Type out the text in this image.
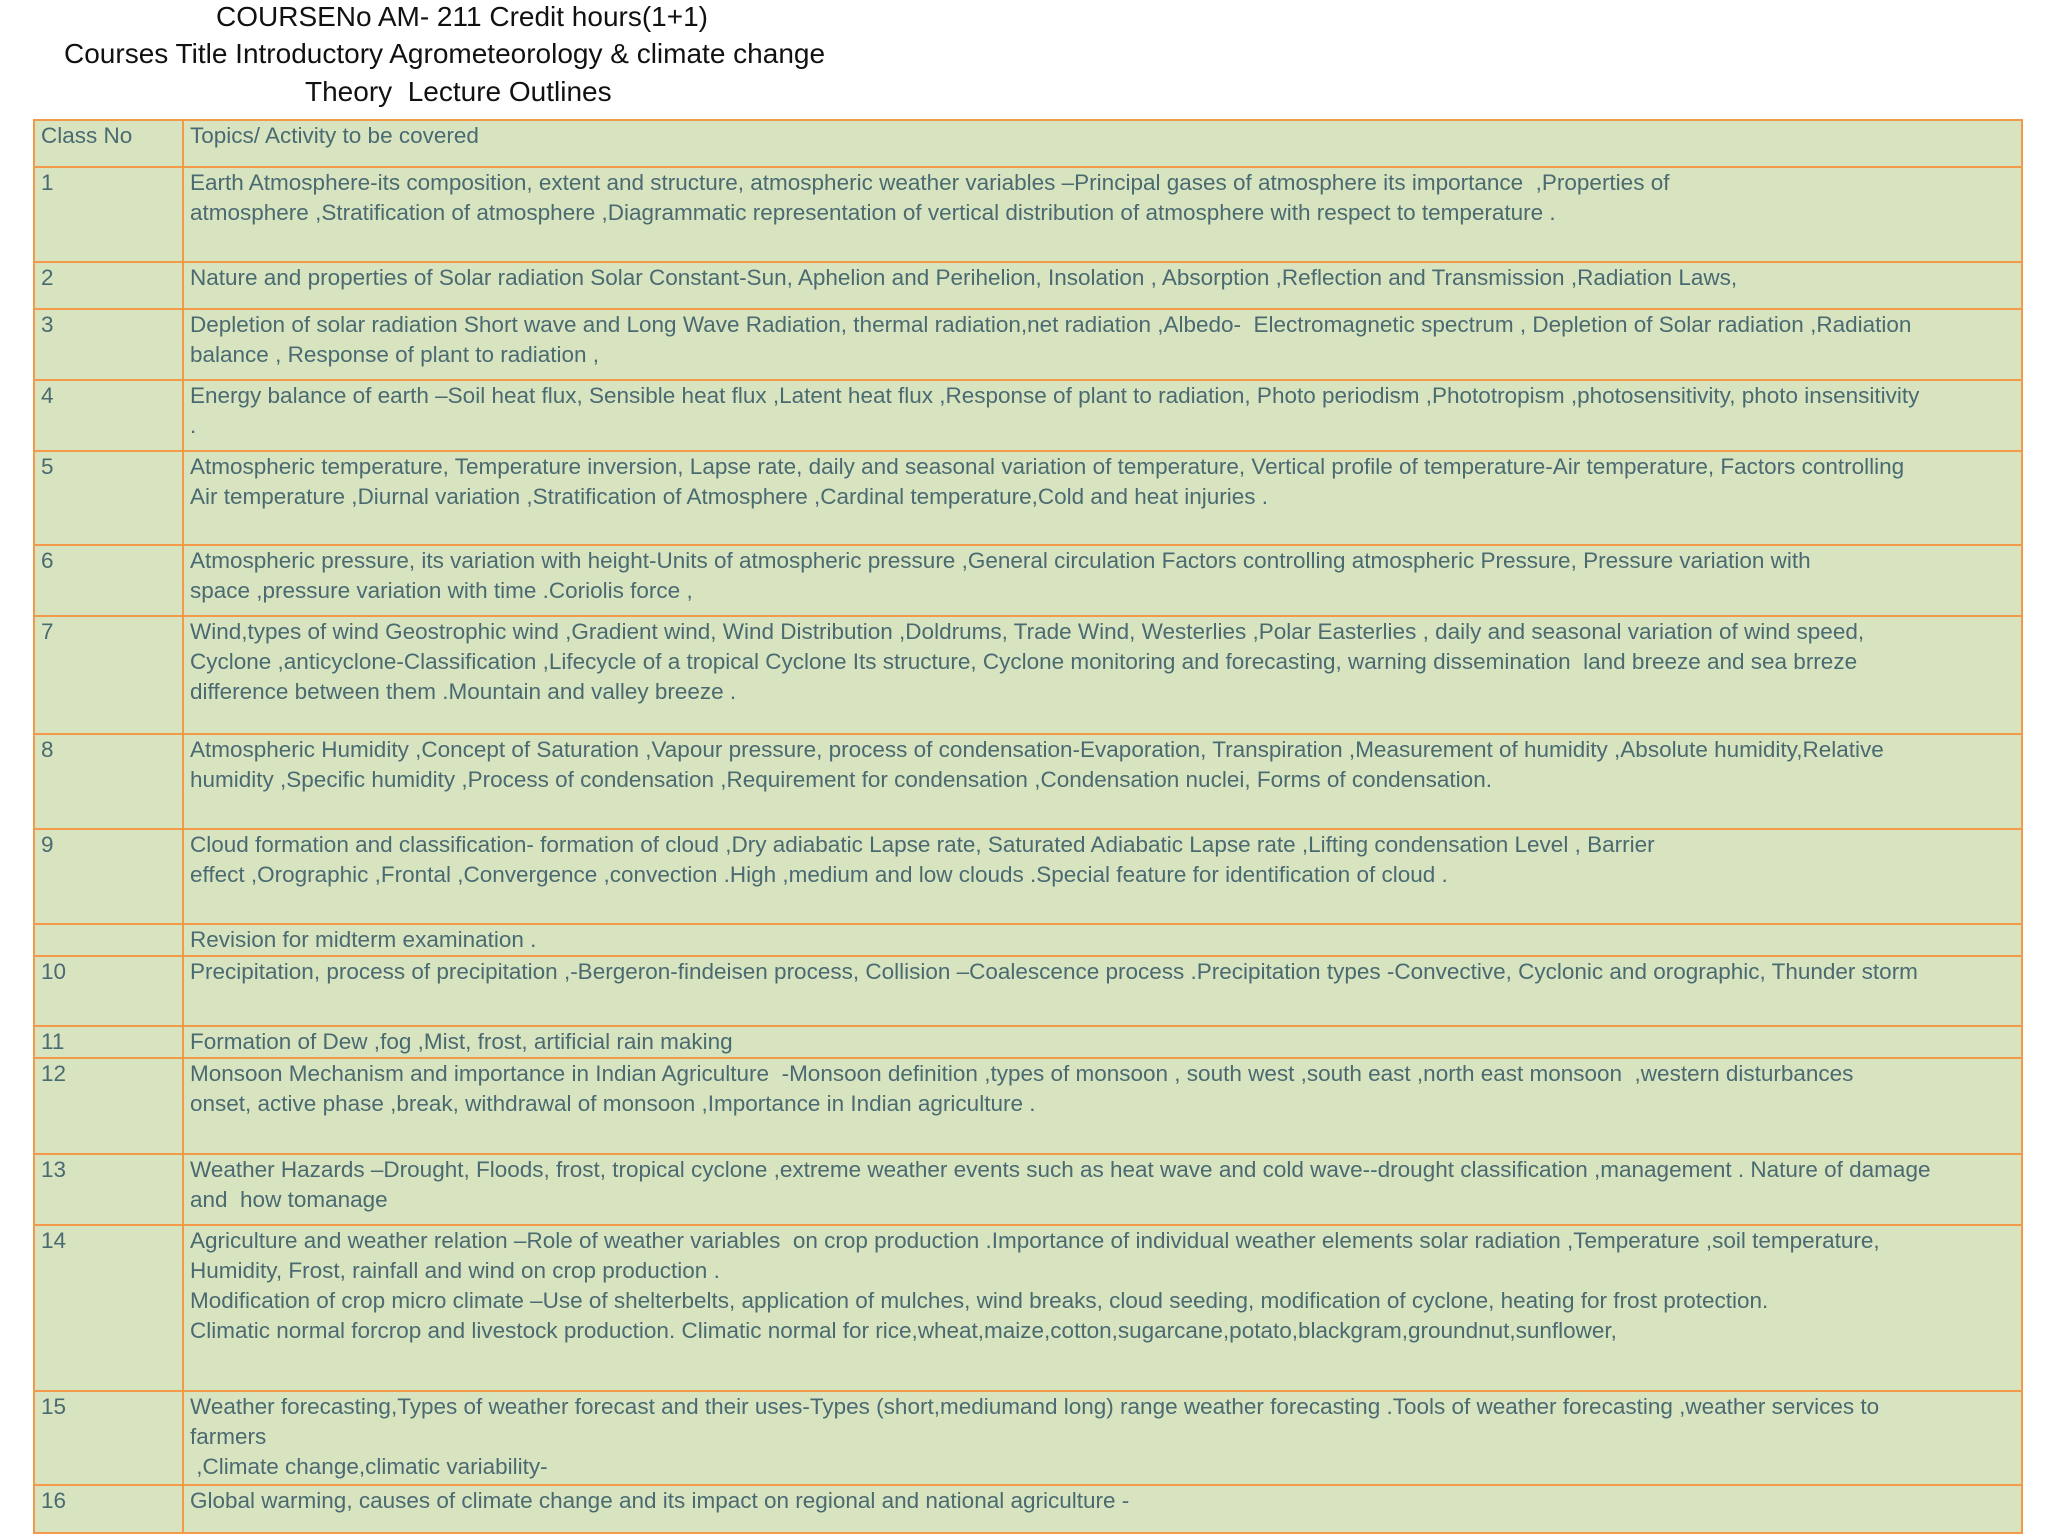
COURSENo AM- 211 Credit hours(1+1)
Courses Title Introductory Agrometeorology & climate change
Theory  Lecture Outlines
Class No	Topics/ Activity to be covered
1	Earth Atmosphere-its composition, extent and structure, atmospheric weather variables –Principal gases of atmosphere its importance  ,Properties of
atmosphere ,Stratification of atmosphere ,Diagrammatic representation of vertical distribution of atmosphere with respect to temperature .
2	Nature and properties of Solar radiation Solar Constant-Sun, Aphelion and Perihelion, Insolation , Absorption ,Reflection and Transmission ,Radiation Laws,
3	Depletion of solar radiation Short wave and Long Wave Radiation, thermal radiation,net radiation ,Albedo-  Electromagnetic spectrum , Depletion of Solar radiation ,Radiation
balance , Response of plant to radiation ,
4	Energy balance of earth –Soil heat flux, Sensible heat flux ,Latent heat flux ,Response of plant to radiation, Photo periodism ,Phototropism ,photosensitivity, photo insensitivity
.
5	Atmospheric temperature, Temperature inversion, Lapse rate, daily and seasonal variation of temperature, Vertical profile of temperature-Air temperature, Factors controlling
Air temperature ,Diurnal variation ,Stratification of Atmosphere ,Cardinal temperature,Cold and heat injuries .
6	Atmospheric pressure, its variation with height-Units of atmospheric pressure ,General circulation Factors controlling atmospheric Pressure, Pressure variation with
space ,pressure variation with time .Coriolis force ,
7	Wind,types of wind Geostrophic wind ,Gradient wind, Wind Distribution ,Doldrums, Trade Wind, Westerlies ,Polar Easterlies , daily and seasonal variation of wind speed,
Cyclone ,anticyclone-Classification ,Lifecycle of a tropical Cyclone Its structure, Cyclone monitoring and forecasting, warning dissemination  land breeze and sea brreze
difference between them .Mountain and valley breeze .
8	Atmospheric Humidity ,Concept of Saturation ,Vapour pressure, process of condensation-Evaporation, Transpiration ,Measurement of humidity ,Absolute humidity,Relative
humidity ,Specific humidity ,Process of condensation ,Requirement for condensation ,Condensation nuclei, Forms of condensation.
9	Cloud formation and classification- formation of cloud ,Dry adiabatic Lapse rate, Saturated Adiabatic Lapse rate ,Lifting condensation Level , Barrier
effect ,Orographic ,Frontal ,Convergence ,convection .High ,medium and low clouds .Special feature for identification of cloud .
	Revision for midterm examination .
10	Precipitation, process of precipitation ,-Bergeron-findeisen process, Collision –Coalescence process .Precipitation types -Convective, Cyclonic and orographic, Thunder storm
11	Formation of Dew ,fog ,Mist, frost, artificial rain making
12	Monsoon Mechanism and importance in Indian Agriculture  -Monsoon definition ,types of monsoon , south west ,south east ,north east monsoon  ,western disturbances
onset, active phase ,break, withdrawal of monsoon ,Importance in Indian agriculture .
13	Weather Hazards –Drought, Floods, frost, tropical cyclone ,extreme weather events such as heat wave and cold wave--drought classification ,management . Nature of damage
and  how tomanage
14	Agriculture and weather relation –Role of weather variables  on crop production .Importance of individual weather elements solar radiation ,Temperature ,soil temperature,
Humidity, Frost, rainfall and wind on crop production .
Modification of crop micro climate –Use of shelterbelts, application of mulches, wind breaks, cloud seeding, modification of cyclone, heating for frost protection.
Climatic normal forcrop and livestock production. Climatic normal for rice,wheat,maize,cotton,sugarcane,potato,blackgram,groundnut,sunflower,
15	Weather forecasting,Types of weather forecast and their uses-Types (short,mediumand long) range weather forecasting .Tools of weather forecasting ,weather services to
farmers
,Climate change,climatic variability-
16	Global warming, causes of climate change and its impact on regional and national agriculture -
